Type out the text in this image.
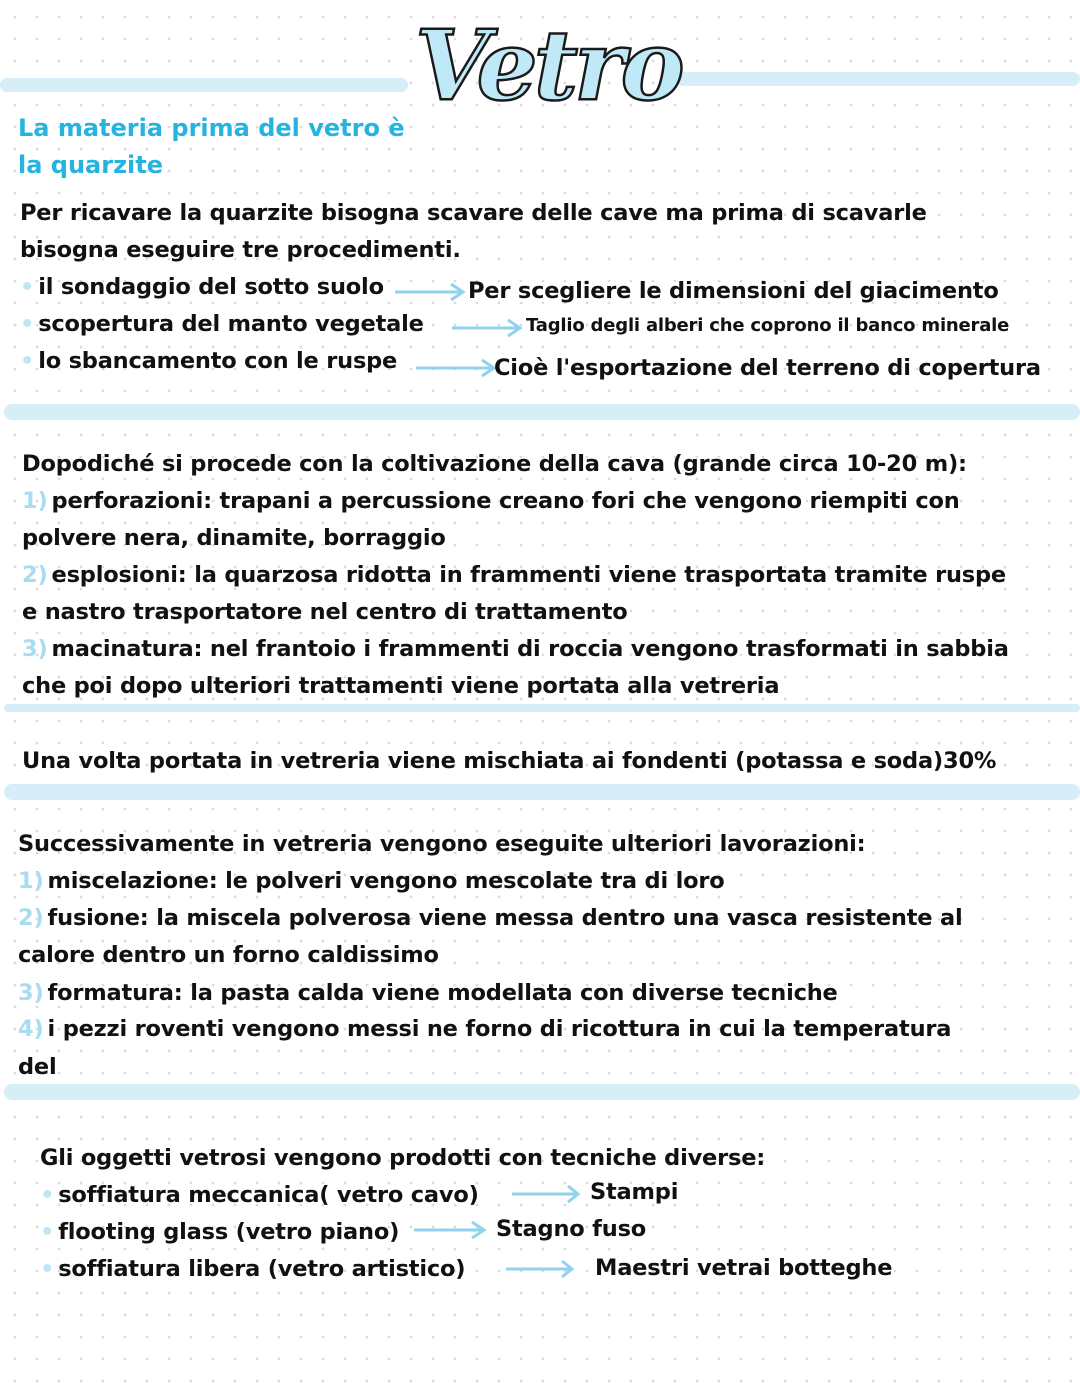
Vetro
La materia prima del vetro è
la quarzite
Per ricavare la quarzite bisogna scavare delle cave ma prima di scavarle
bisogna eseguire tre procedimenti.
• il sondaggio del sotto suolo	Per scegliere le dimensioni del giacimento
• scopertura del manto vegetale	Taglio degli alberi che coprono il banco minerale
• lo sbancamento con le ruspe	Cioè l'esportazione del terreno di copertura
Dopodiché si procede con la coltivazione della cava (grande circa 10-20 m):
1) perforazioni: trapani a percussione creano fori che vengono riempiti con
polvere nera, dinamite, borraggio
2) esplosioni: la quarzosa ridotta in frammenti viene trasportata tramite ruspe
e nastro trasportatore nel centro di trattamento
3) macinatura: nel frantoio i frammenti di roccia vengono trasformati in sabbia
che poi dopo ulteriori trattamenti viene portata alla vetreria
Una volta portata in vetreria viene mischiata ai fondenti (potassa e soda)30%
Successivamente in vetreria vengono eseguite ulteriori lavorazioni:
1) miscelazione: le polveri vengono mescolate tra di loro
2) fusione: la miscela polverosa viene messa dentro una vasca resistente al
calore dentro un forno caldissimo
3) formatura: la pasta calda viene modellata con diverse tecniche
4) i pezzi roventi vengono messi ne forno di ricottura in cui la temperatura
del
Gli oggetti vetrosi vengono prodotti con tecniche diverse:
• soffiatura meccanica( vetro cavo)	Stampi
• flooting glass (vetro piano)	Stagno fuso
• soffiatura libera (vetro artistico)	Maestri vetrai botteghe
